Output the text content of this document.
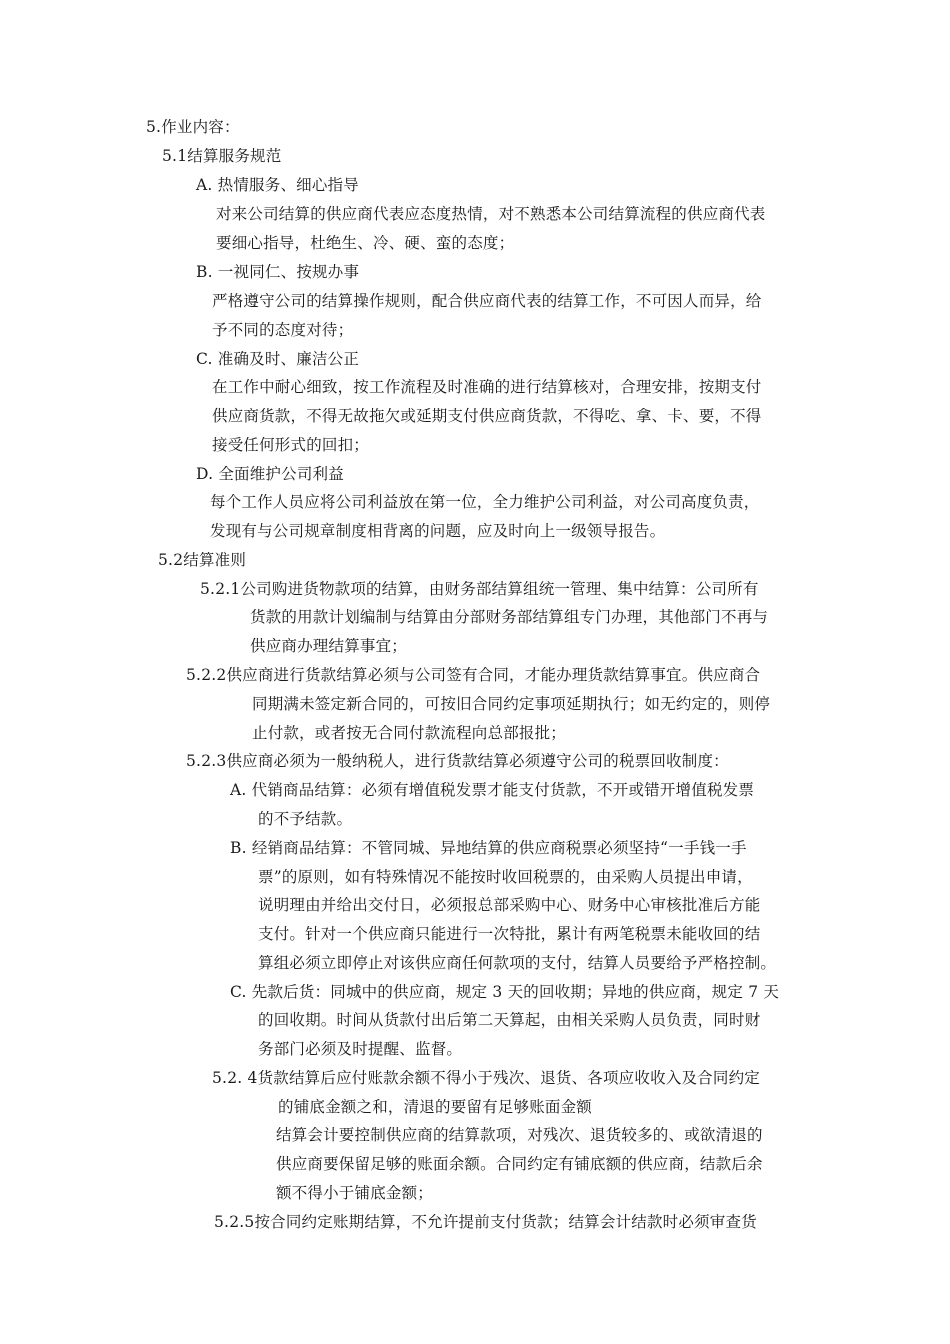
5.作业内容：
5.1结算服务规范
A. 热情服务、细心指导
对来公司结算的供应商代表应态度热情，对不熟悉本公司结算流程的供应商代表
要细心指导，杜绝生、冷、硬、蛮的态度；
B. 一视同仁、按规办事
严格遵守公司的结算操作规则，配合供应商代表的结算工作，不可因人而异，给
予不同的态度对待；
C. 准确及时、廉洁公正
在工作中耐心细致，按工作流程及时准确的进行结算核对，合理安排，按期支付
供应商货款，不得无故拖欠或延期支付供应商货款，不得吃、拿、卡、要，不得
接受任何形式的回扣；
D. 全面维护公司利益
每个工作人员应将公司利益放在第一位，全力维护公司利益，对公司高度负责，
发现有与公司规章制度相背离的问题，应及时向上一级领导报告。
5.2结算准则
5.2.1公司购进货物款项的结算，由财务部结算组统一管理、集中结算：公司所有
货款的用款计划编制与结算由分部财务部结算组专门办理，其他部门不再与
供应商办理结算事宜；
5.2.2供应商进行货款结算必须与公司签有合同，才能办理货款结算事宜。供应商合
同期满未签定新合同的，可按旧合同约定事项延期执行；如无约定的，则停
止付款，或者按无合同付款流程向总部报批；
5.2.3供应商必须为一般纳税人，进行货款结算必须遵守公司的税票回收制度：
A. 代销商品结算：必须有增值税发票才能支付货款，不开或错开增值税发票
的不予结款。
B. 经销商品结算：不管同城、异地结算的供应商税票必须坚持“一手钱一手
票”的原则，如有特殊情况不能按时收回税票的，由采购人员提出申请，
说明理由并给出交付日，必须报总部采购中心、财务中心审核批准后方能
支付。针对一个供应商只能进行一次特批，累计有两笔税票未能收回的结
算组必须立即停止对该供应商任何款项的支付，结算人员要给予严格控制。
C. 先款后货：同城中的供应商，规定 3 天的回收期；异地的供应商，规定 7 天
的回收期。时间从货款付出后第二天算起，由相关采购人员负责，同时财
务部门必须及时提醒、监督。
5.2. 4货款结算后应付账款余额不得小于残次、退货、各项应收收入及合同约定
的铺底金额之和，清退的要留有足够账面金额
结算会计要控制供应商的结算款项，对残次、退货较多的、或欲清退的
供应商要保留足够的账面余额。合同约定有铺底额的供应商，结款后余
额不得小于铺底金额；
5.2.5按合同约定账期结算，不允许提前支付货款；结算会计结款时必须审查货
